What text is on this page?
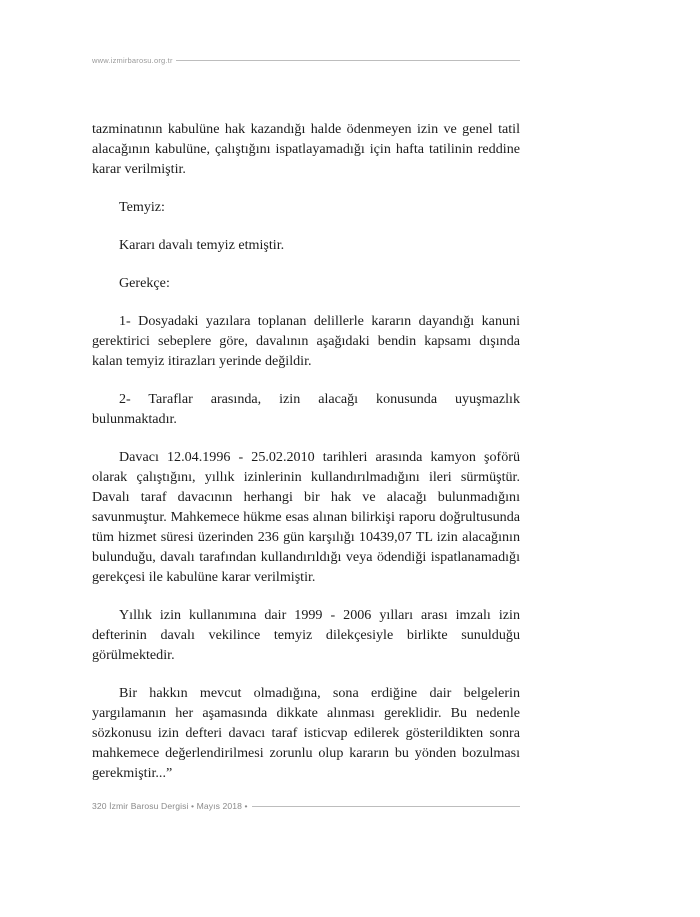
www.izmirbarosu.org.tr

tazminatının kabulüne hak kazandığı halde ödenmeyen izin ve genel tatil alacağının kabulüne, çalıştığını ispatlayamadığı için hafta tatilinin reddine karar verilmiştir.

Temyiz:

Kararı davalı temyiz etmiştir.

Gerekçe:

1- Dosyadaki yazılara toplanan delillerle kararın dayandığı kanuni gerektirici sebeplere göre, davalının aşağıdaki bendin kapsamı dışında kalan temyiz itirazları yerinde değildir.

2- Taraflar arasında, izin alacağı konusunda uyuşmazlık bulunmaktadır.

Davacı 12.04.1996 - 25.02.2010 tarihleri arasında kamyon şoförü olarak çalıştığını, yıllık izinlerinin kullandırılmadığını ileri sürmüştür. Davalı taraf davacının herhangi bir hak ve alacağı bulunmadığını savunmuştur. Mahkemece hükme esas alınan bilirkişi raporu doğrultusunda tüm hizmet süresi üzerinden 236 gün karşılığı 10439,07 TL izin alacağının bulunduğu, davalı tarafından kullandırıldığı veya ödendiği ispatlanamadığı gerekçesi ile kabulüne karar verilmiştir.

Yıllık izin kullanımına dair 1999 - 2006 yılları arası imzalı izin defterinin davalı vekilince temyiz dilekçesiyle birlikte sunulduğu görülmektedir.

Bir hakkın mevcut olmadığına, sona erdiğine dair belgelerin yargılamanın her aşamasında dikkate alınması gereklidir. Bu nedenle sözkonusu izin defteri davacı taraf isticvap edilerek gösterildikten sonra mahkemece değerlendirilmesi zorunlu olup kararın bu yönden bozulması gerekmiştir...”

320 İzmir Barosu Dergisi • Mayıs 2018 •
